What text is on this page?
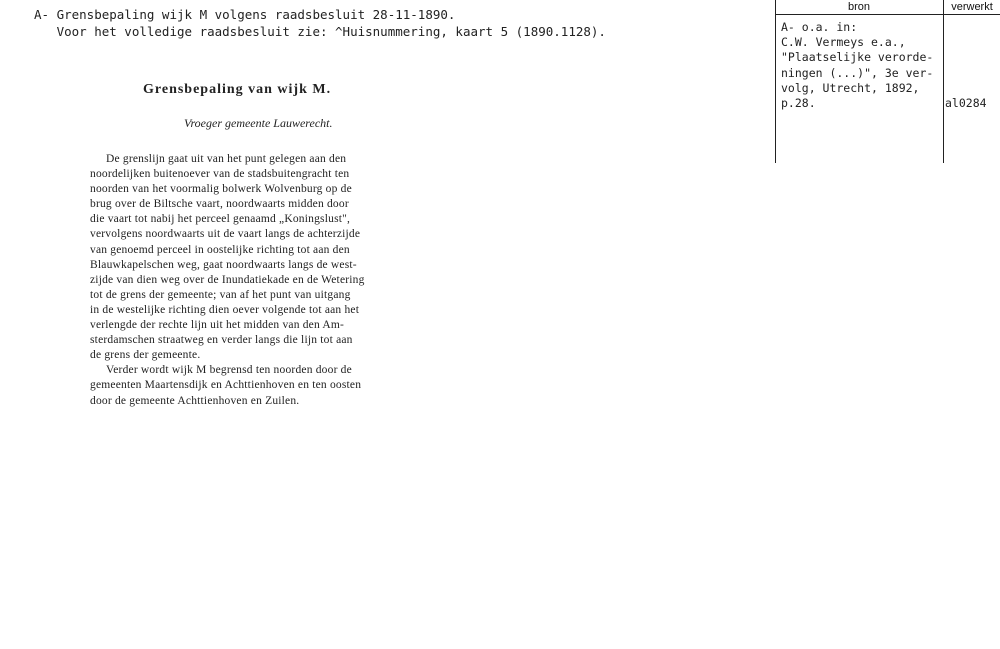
A- Grensbepaling wijk M volgens raadsbesluit 28-11-1890.
Voor het volledige raadsbesluit zie: ^Huisnummering, kaart 5 (1890.1128).
Grensbepaling van wijk M.
Vroeger gemeente Lauwerecht.
De grenslijn gaat uit van het punt gelegen aan den
noordelijken buitenoever van de stadsbuitengracht ten
noorden van het voormalig bolwerk Wolvenburg op de
brug over de Biltsche vaart, noordwaarts midden door
die vaart tot nabij het perceel genaamd „Koningslust",
vervolgens noordwaarts uit de vaart langs de achterzijde
van genoemd perceel in oostelijke richting tot aan den
Blauwkapelschen weg, gaat noordwaarts langs de west-
zijde van dien weg over de Inundatiekade en de Wetering
tot de grens der gemeente; van af het punt van uitgang
in de westelijke richting dien oever volgende tot aan het
verlengde der rechte lijn uit het midden van den Am-
sterdamschen straatweg en verder langs die lijn tot aan
de grens der gemeente.
Verder wordt wijk M begrensd ten noorden door de
gemeenten Maartensdijk en Achttienhoven en ten oosten
door de gemeente Achttienhoven en Zuilen.
bron	verwerkt
A- o.a. in:
C.W. Vermeys e.a.,
"Plaatselijke verorde-
ningen (...)", 3e ver-
volg, Utrecht, 1892,
p.28.	al0284
